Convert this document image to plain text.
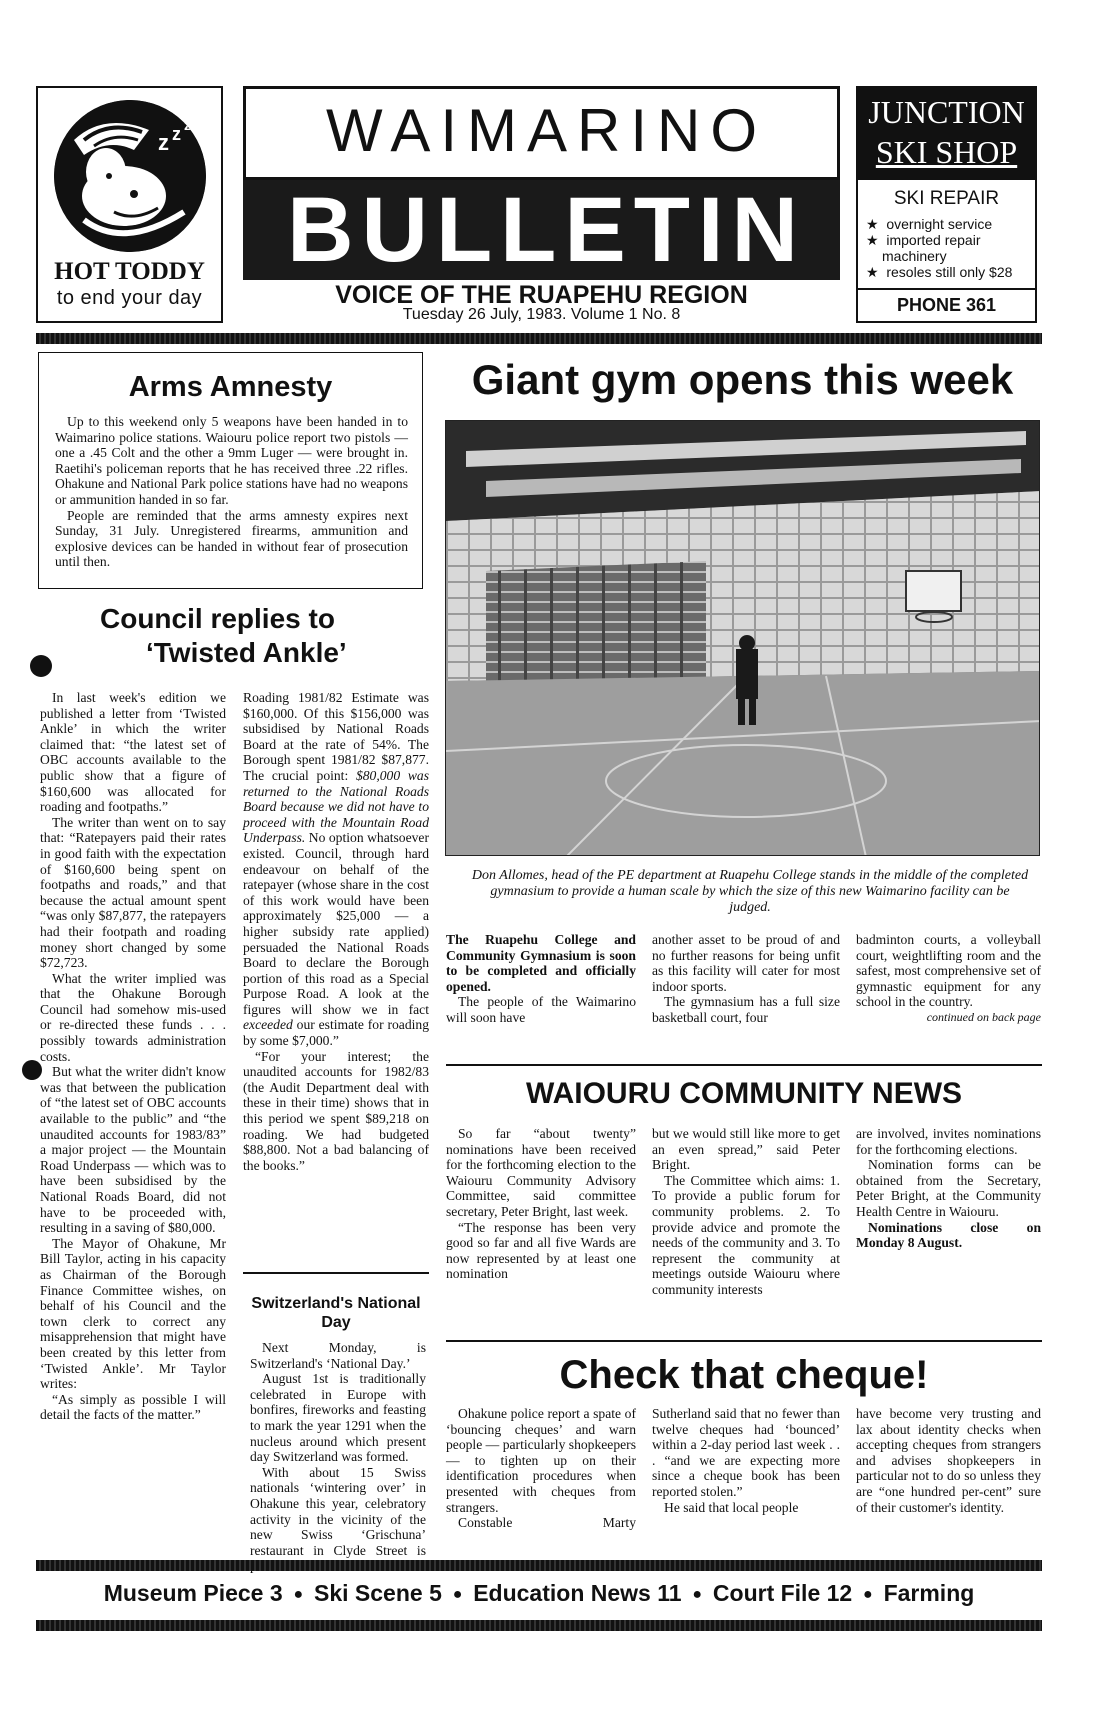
z z z
HOT TODDY
to end your day
WAIMARINO
BULLETIN
VOICE OF THE RUAPEHU REGION
Tuesday 26 July, 1983. Volume 1 No. 8
JUNCTION
SKI SHOP
SKI REPAIR
★  overnight service
★  imported repair machinery
★  resoles still only $28
PHONE 361
Arms Amnesty

Up to this weekend only 5 weapons have been handed in to Waimarino police stations. Waiouru police report two pistols — one a .45 Colt and the other a 9mm Luger — were brought in. Raetihi's policeman reports that he has received three .22 rifles. Ohakune and National Park police stations have had no weapons or ammunition handed in so far.

People are reminded that the arms amnesty expires next Sunday, 31 July. Unregistered firearms, ammunition and explosive devices can be handed in without fear of prosecution until then.

Giant gym opens this week
Don Allomes, head of the PE department at Ruapehu College stands in the middle of the completed gymnasium to provide a human scale by which the size of this new Waimarino facility can be judged.

The Ruapehu College and Community Gymnasium is soon to be completed and officially opened.

The people of the Waimarino will soon have

another asset to be proud of and no further reasons for being unfit as this facility will cater for most indoor sports.

The gymnasium has a full size basketball court, four

badminton courts, a volleyball court, weightlifting room and the safest, most comprehensive set of gymnastic equipment for any school in the country.

continued on back page

Council replies to
‘Twisted Ankle’

In last week's edition we published a letter from ‘Twisted Ankle’ in which the writer claimed that: “the latest set of OBC accounts available to the public show that a figure of $160,600 was allocated for roading and footpaths.”

The writer than went on to say that: “Ratepayers paid their rates in good faith with the expectation of $160,600 being spent on footpaths and roads,” and that because the actual amount spent “was only $87,877, the ratepayers had their footpath and roading money short changed by some $72,723.

What the writer implied was that the Ohakune Borough Council had somehow mis-used or re-directed these funds . . . possibly towards administration costs.

But what the writer didn't know was that between the publication of “the latest set of OBC accounts available to the public” and “the unaudited accounts for 1983/83” a major project — the Mountain Road Underpass — which was to have been subsidised by the National Roads Board, did not have to be proceeded with, resulting in a saving of $80,000.

The Mayor of Ohakune, Mr Bill Taylor, acting in his capacity as Chairman of the Borough Finance Committee wishes, on behalf of his Council and the town clerk to correct any misapprehension that might have been created by this letter from ‘Twisted Ankle’. Mr Taylor writes:

“As simply as possible I will detail the facts of the matter.”

Roading 1981/82 Estimate was $160,000. Of this $156,000 was subsidised by National Roads Board at the rate of 54%. The Borough spent 1981/82 $87,877. The crucial point: $80,000 was returned to the National Roads Board because we did not have to proceed with the Mountain Road Underpass. No option whatsoever existed. Council, through hard endeavour on behalf of the ratepayer (whose share in the cost of this work would have been approximately $25,000 — a higher subsidy rate applied) persuaded the National Roads Board to declare the Borough portion of this road as a Special Purpose Road. A look at the figures will show we in fact exceeded our estimate for roading by some $7,000.”

“For your interest; the unaudited accounts for 1982/83 (the Audit Department deal with these in their time) shows that in this period we spent $89,218 on roading. We had budgeted $88,800. Not a bad balancing of the books.”

Switzerland's National Day

Next Monday, is Switzerland's ‘National Day.’

August 1st is traditionally celebrated in Europe with bonfires, fireworks and feasting to mark the year 1291 when the nucleus around which present day Switzerland was formed.

With about 15 Swiss nationals ‘wintering over’ in Ohakune this year, celebratory activity in the vicinity of the new Swiss ‘Grischuna’ restaurant in Clyde Street is

WAIOURU COMMUNITY NEWS

So far “about twenty” nominations have been received for the forthcoming election to the Waiouru Community Advisory Committee, said committee secretary, Peter Bright, last week.

“The response has been very good so far and all five Wards are now represented by at least one nomination

but we would still like more to get an even spread,” said Peter Bright.

The Committee which aims: 1. To provide a public forum for community problems. 2. To provide advice and promote the needs of the community and 3. To represent the community at meetings outside Waiouru where community interests

are involved, invites nominations for the forthcoming elections.

Nomination forms can be obtained from the Secretary, Peter Bright, at the Community Health Centre in Waiouru.

Nominations close on Monday 8 August.

Check that cheque!

Ohakune police report a spate of ‘bouncing cheques’ and warn people — particularly shopkeepers — to tighten up on their identification procedures when presented with cheques from strangers.

Constable Marty

Sutherland said that no fewer than twelve cheques had ‘bounced’ within a 2-day period last week . . . “and we are expecting more since a cheque book has been reported stolen.”

He said that local people

have become very trusting and lax about identity checks when accepting cheques from strangers and advises shopkeepers in particular not to do so unless they are “one hundred per-cent” sure of their customer's identity.

Museum Piece 3  ●  Ski Scene 5  ●  Education News 11  ●  Court File 12  ●  Farming
